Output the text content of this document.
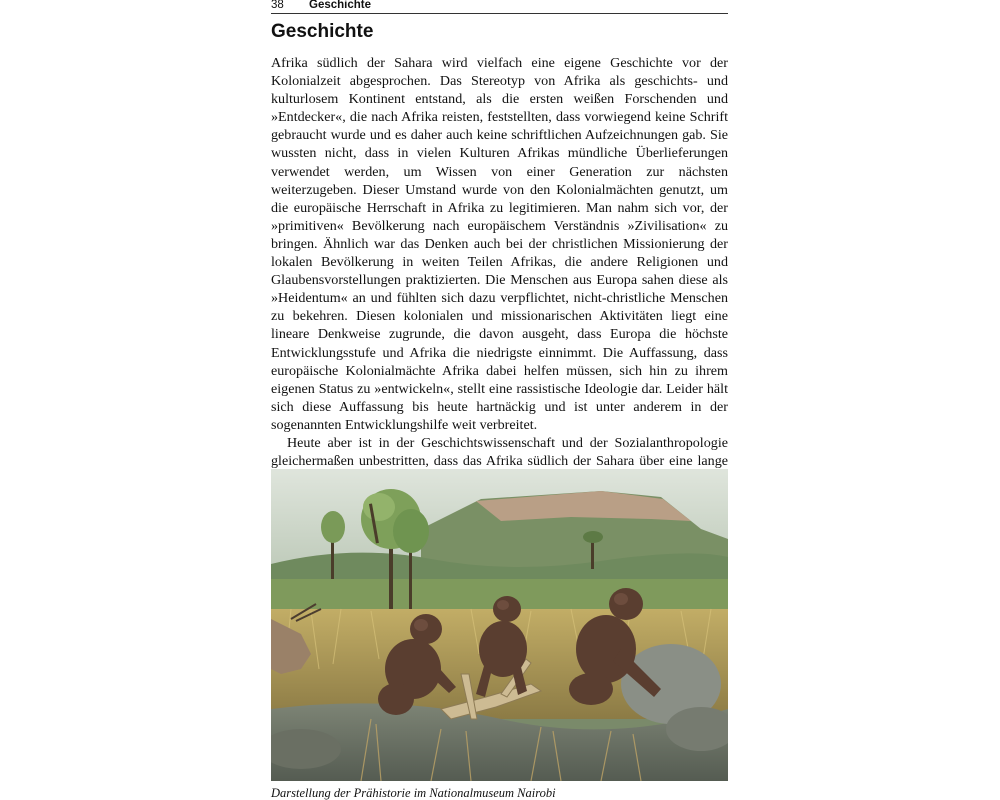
38 Geschichte
Geschichte

Afrika südlich der Sahara wird vielfach eine eigene Geschichte vor der Kolonialzeit abgesprochen. Das Stereotyp von Afrika als geschichts- und kulturlosem Kontinent entstand, als die ersten weißen Forschenden und »Entdecker«, die nach Afrika reisten, feststellten, dass vorwiegend keine Schrift gebraucht wurde und es daher auch keine schriftlichen Aufzeichnungen gab. Sie wussten nicht, dass in vielen Kulturen Afrikas mündliche Überlieferungen verwendet werden, um Wissen von einer Generation zur nächsten weiterzugeben. Dieser Umstand wurde von den Kolonialmächten genutzt, um die europäische Herrschaft in Afrika zu legitimieren. Man nahm sich vor, der »primitiven« Bevölkerung nach europäischem Verständnis »Zivilisation« zu bringen. Ähnlich war das Denken auch bei der christlichen Missionierung der lokalen Bevölkerung in weiten Teilen Afrikas, die andere Religionen und Glaubensvorstellungen praktizierten. Die Menschen aus Europa sahen diese als »Heidentum« an und fühlten sich dazu verpflichtet, nicht-christliche Menschen zu bekehren. Diesen kolonialen und missionarischen Aktivitäten liegt eine lineare Denkweise zugrunde, die davon ausgeht, dass Europa die höchste Entwicklungsstufe und Afrika die niedrigste einnimmt. Die Auffassung, dass europäische Kolonialmächte Afrika dabei helfen müssen, sich hin zu ihrem eigenen Status zu »entwickeln«, stellt eine rassistische Ideologie dar. Leider hält sich diese Auffassung bis heute hartnäckig und ist unter anderem in der sogenannten Entwicklungshilfe weit verbreitet.

Heute aber ist in der Geschichtswissenschaft und der Sozialanthropologie gleichermaßen unbestritten, dass das Afrika südlich der Sahara über eine lange

Darstellung der Prähistorie im Nationalmuseum Nairobi
